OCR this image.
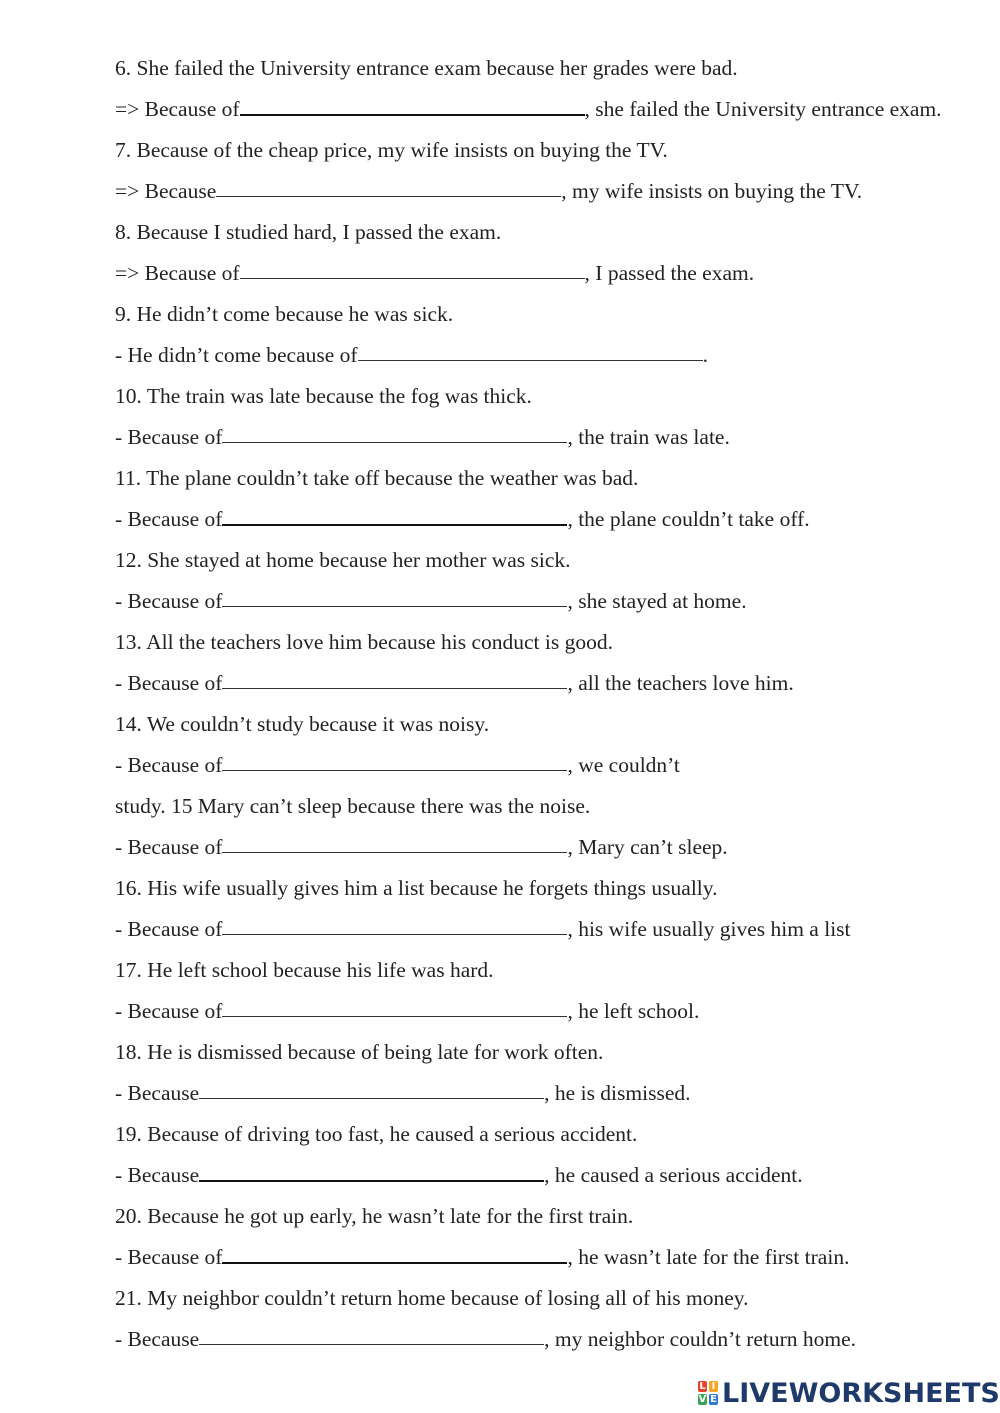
6. She failed the University entrance exam because her grades were bad.
=> Because of	, she failed the University entrance exam.
7. Because of the cheap price, my wife insists on buying the TV.
=> Because	, my wife insists on buying the TV.
8. Because I studied hard, I passed the exam.
=> Because of	, I passed the exam.
9. He didn’t come because he was sick.
- He didn’t come because of	.
10. The train was late because the fog was thick.
- Because of	, the train was late.
11. The plane couldn’t take off because the weather was bad.
- Because of	, the plane couldn’t take off.
12. She stayed at home because her mother was sick.
- Because of	, she stayed at home.
13. All the teachers love him because his conduct is good.
- Because of	, all the teachers love him.
14. We couldn’t study because it was noisy.
- Because of	, we couldn’t
study. 15 Mary can’t sleep because there was the noise.
- Because of	, Mary can’t sleep.
16. His wife usually gives him a list because he forgets things usually.
- Because of	, his wife usually gives him a list
17. He left school because his life was hard.
- Because of	, he left school.
18. He is dismissed because of being late for work often.
- Because	, he is dismissed.
19. Because of driving too fast, he caused a serious accident.
- Because	, he caused a serious accident.
20. Because he got up early, he wasn’t late for the first train.
- Because of	, he wasn’t late for the first train.
21. My neighbor couldn’t return home because of losing all of his money.
- Because	, my neighbor couldn’t return home.
L I
V E LIVEWORKSHEETS
